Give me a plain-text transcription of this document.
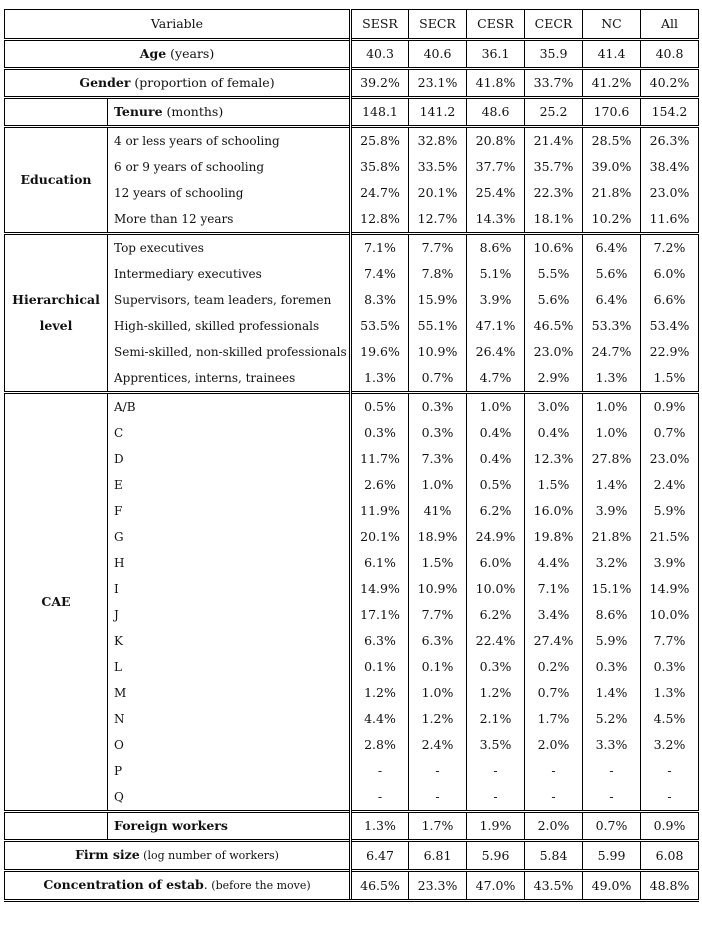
Variable		SESR	SECR	CESR	CECR	NC	All
Age (years)		40.3	40.6	36.1	35.9	41.4	40.8
Gender (proportion of female)		39.2%	23.1%	41.8%	33.7%	41.2%	40.2%
	Tenure (months)	148.1	141.2	48.6	25.2	170.6	154.2
Education	4 or less years of schooling	25.8%	32.8%	20.8%	21.4%	28.5%	26.3%
	6 or 9 years of schooling	35.8%	33.5%	37.7%	35.7%	39.0%	38.4%
	12 years of schooling	24.7%	20.1%	25.4%	22.3%	21.8%	23.0%
	More than 12 years	12.8%	12.7%	14.3%	18.1%	10.2%	11.6%
Hierarchical
level	Top executives	7.1%	7.7%	8.6%	10.6%	6.4%	7.2%
	Intermediary executives	7.4%	7.8%	5.1%	5.5%	5.6%	6.0%
	Supervisors, team leaders, foremen	8.3%	15.9%	3.9%	5.6%	6.4%	6.6%
	High-skilled, skilled professionals	53.5%	55.1%	47.1%	46.5%	53.3%	53.4%
	Semi-skilled, non-skilled professionals	19.6%	10.9%	26.4%	23.0%	24.7%	22.9%
	Apprentices, interns, trainees	1.3%	0.7%	4.7%	2.9%	1.3%	1.5%
CAE	A/B	0.5%	0.3%	1.0%	3.0%	1.0%	0.9%
	C	0.3%	0.3%	0.4%	0.4%	1.0%	0.7%
	D	11.7%	7.3%	0.4%	12.3%	27.8%	23.0%
	E	2.6%	1.0%	0.5%	1.5%	1.4%	2.4%
	F	11.9%	41%	6.2%	16.0%	3.9%	5.9%
	G	20.1%	18.9%	24.9%	19.8%	21.8%	21.5%
	H	6.1%	1.5%	6.0%	4.4%	3.2%	3.9%
	I	14.9%	10.9%	10.0%	7.1%	15.1%	14.9%
	J	17.1%	7.7%	6.2%	3.4%	8.6%	10.0%
	K	6.3%	6.3%	22.4%	27.4%	5.9%	7.7%
	L	0.1%	0.1%	0.3%	0.2%	0.3%	0.3%
	M	1.2%	1.0%	1.2%	0.7%	1.4%	1.3%
	N	4.4%	1.2%	2.1%	1.7%	5.2%	4.5%
	O	2.8%	2.4%	3.5%	2.0%	3.3%	3.2%
	P	-	-	-	-	-	-
	Q	-	-	-	-	-	-
	Foreign workers	1.3%	1.7%	1.9%	2.0%	0.7%	0.9%
Firm size (log number of workers)		6.47	6.81	5.96	5.84	5.99	6.08
Concentration of estab. (before the move)		46.5%	23.3%	47.0%	43.5%	49.0%	48.8%
